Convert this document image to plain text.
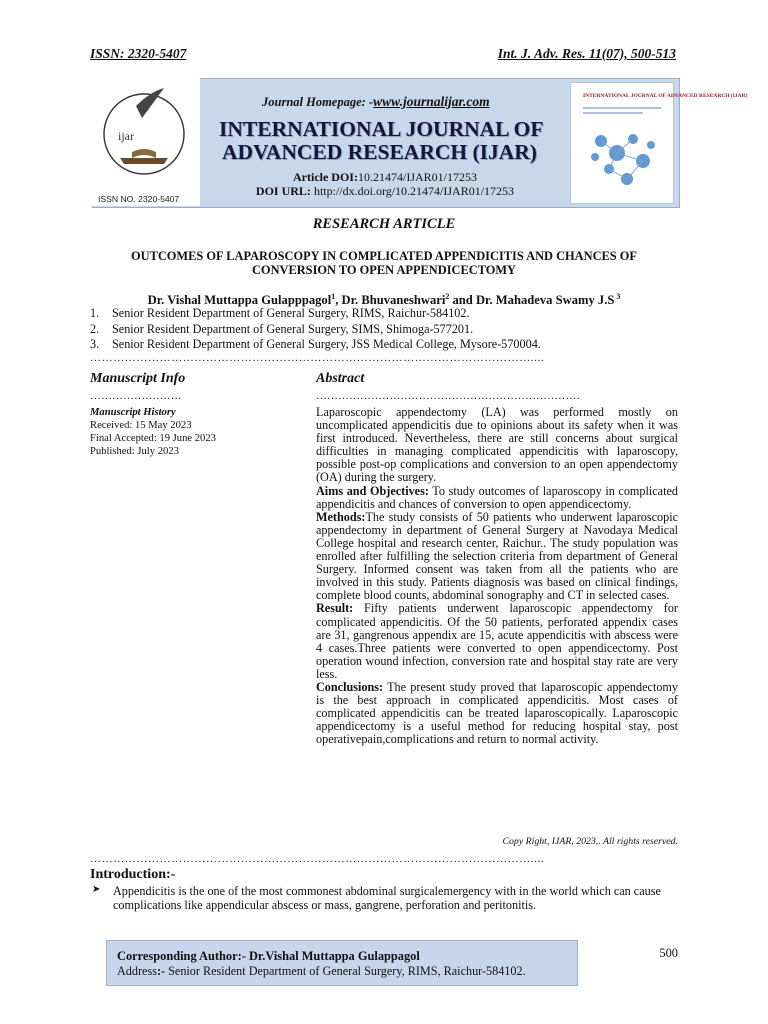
ISSN: 2320-5407	Int. J. Adv. Res. 11(07), 500-513
ijar
ISSN NO. 2320-5407
Journal Homepage: -www.journalijar.com
INTERNATIONAL JOURNAL OF
ADVANCED RESEARCH (IJAR)
Article DOI:10.21474/IJAR01/17253
DOI URL: http://dx.doi.org/10.21474/IJAR01/17253
INTERNATIONAL JOURNAL OF ADVANCED RESEARCH (IJAR)
RESEARCH ARTICLE
OUTCOMES OF LAPAROSCOPY IN COMPLICATED APPENDICITIS AND CHANCES OF
CONVERSION TO OPEN APPENDICECTOMY
Dr. Vishal Muttappa Gulapppagol$^1$, Dr. Bhuvaneshwari$^2$ and Dr. Mahadeva Swamy J.S $^3$
1. Senior Resident Department of General Surgery, RIMS, Raichur-584102.
2. Senior Resident Department of General Surgery, SIMS, Shimoga-577201.
3. Senior Resident Department of General Surgery, JSS Medical College, Mysore-570004.
……………………………………………………………………………………………………....
Manuscript Info
…………………….
Manuscript History
Received: 15 May 2023
Final Accepted: 19 June 2023
Published: July 2023
Abstract
………………………………………………………………

Laparoscopic appendectomy (LA) was performed mostly on uncomplicated appendicitis due to opinions about its safety when it was first introduced. Nevertheless, there are still concerns about surgical difficulties in managing complicated appendicitis with laparoscopy, possible post-op complications and conversion to an open appendectomy (OA) during the surgery.

Aims and Objectives: To study outcomes of laparoscopy in complicated appendicitis and chances of conversion to open appendicectomy.

Methods:The study consists of 50 patients who underwent laparoscopic appendectomy in department of General Surgery at Navodaya Medical College hospital and research center, Raichur.. The study population was enrolled after fulfilling the selection criteria from department of General Surgery. Informed consent was taken from all the patients who are involved in this study. Patients diagnosis was based on clinical findings, complete blood counts, abdominal sonography and CT in selected cases.

Result: Fifty patients underwent laparoscopic appendectomy for complicated appendicitis. Of the 50 patients, perforated appendix cases are 31, gangrenous appendix are 15, acute appendicitis with abscess were 4 cases.Three patients were converted to open appendicectomy. Post operation wound infection, conversion rate and hospital stay rate are very less.

Conclusions: The present study proved that laparoscopic appendectomy is the best approach in complicated appendicitis. Most cases of complicated appendicitis can be treated laparoscopically. Laparoscopic appendicectomy is a useful method for reducing hospital stay, post operativepain,complications and return to normal activity.

Copy Right, IJAR, 2023,. All rights reserved.
……………………………………………………………………………………………………....
Introduction:-
➤ Appendicitis is the one of the most commonest abdominal surgicalemergency with in the world which can cause complications like appendicular abscess or mass, gangrene, perforation and peritonitis.
Corresponding Author:- Dr.Vishal Muttappa Gulappagol
Address:- Senior Resident Department of General Surgery, RIMS, Raichur-584102.
500
